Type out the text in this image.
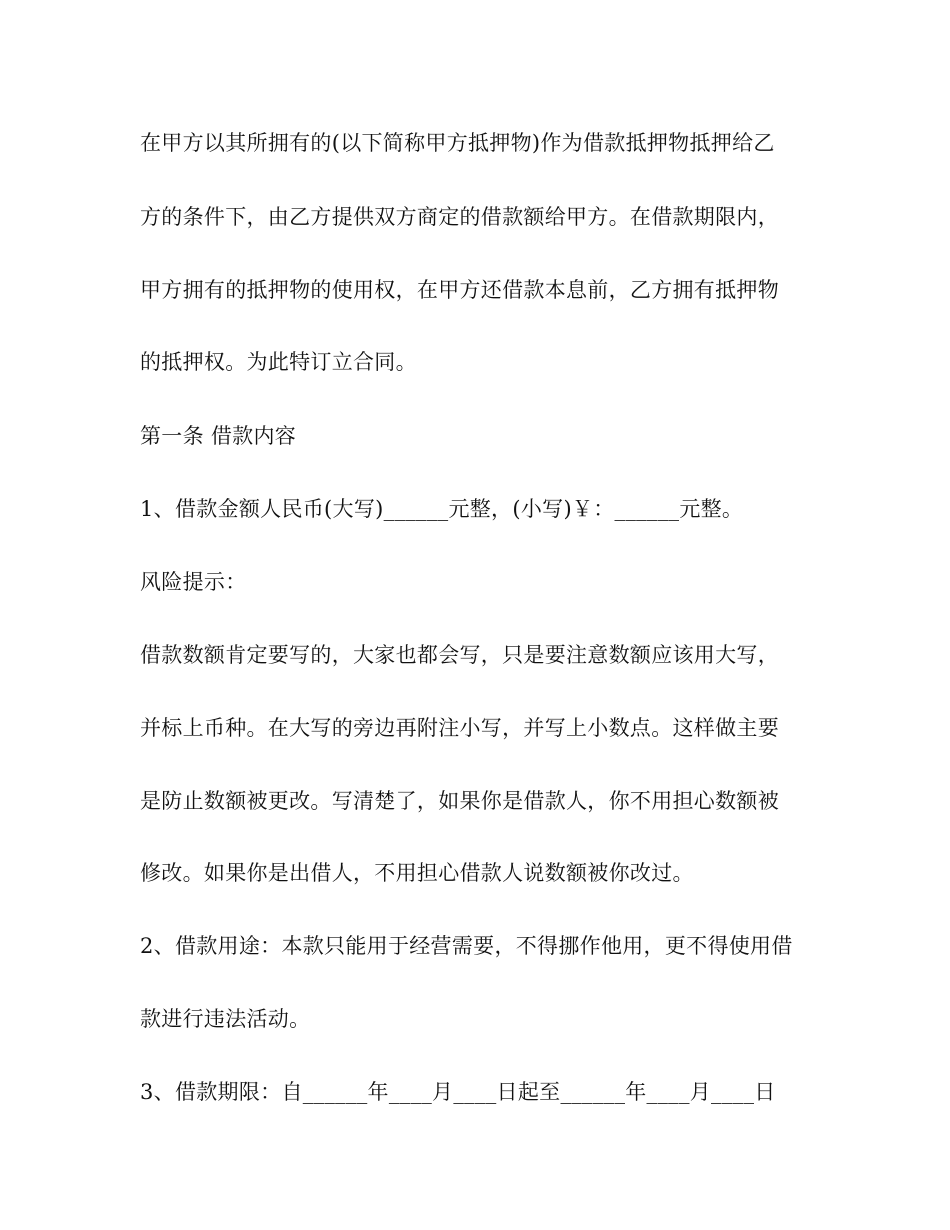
在甲方以其所拥有的(以下简称甲方抵押物)作为借款抵押物抵押给乙
方的条件下，由乙方提供双方商定的借款额给甲方。在借款期限内，
甲方拥有的抵押物的使用权，在甲方还借款本息前，乙方拥有抵押物
的抵押权。为此特订立合同。
第一条 借款内容
1、借款金额人民币(大写)______元整，(小写)￥：______元整。
风险提示：
借款数额肯定要写的，大家也都会写，只是要注意数额应该用大写，
并标上币种。在大写的旁边再附注小写，并写上小数点。这样做主要
是防止数额被更改。写清楚了，如果你是借款人，你不用担心数额被
修改。如果你是出借人，不用担心借款人说数额被你改过。
2、借款用途：本款只能用于经营需要，不得挪作他用，更不得使用借
款进行违法活动。
3、借款期限：自______年____月____日起至______年____月____日
